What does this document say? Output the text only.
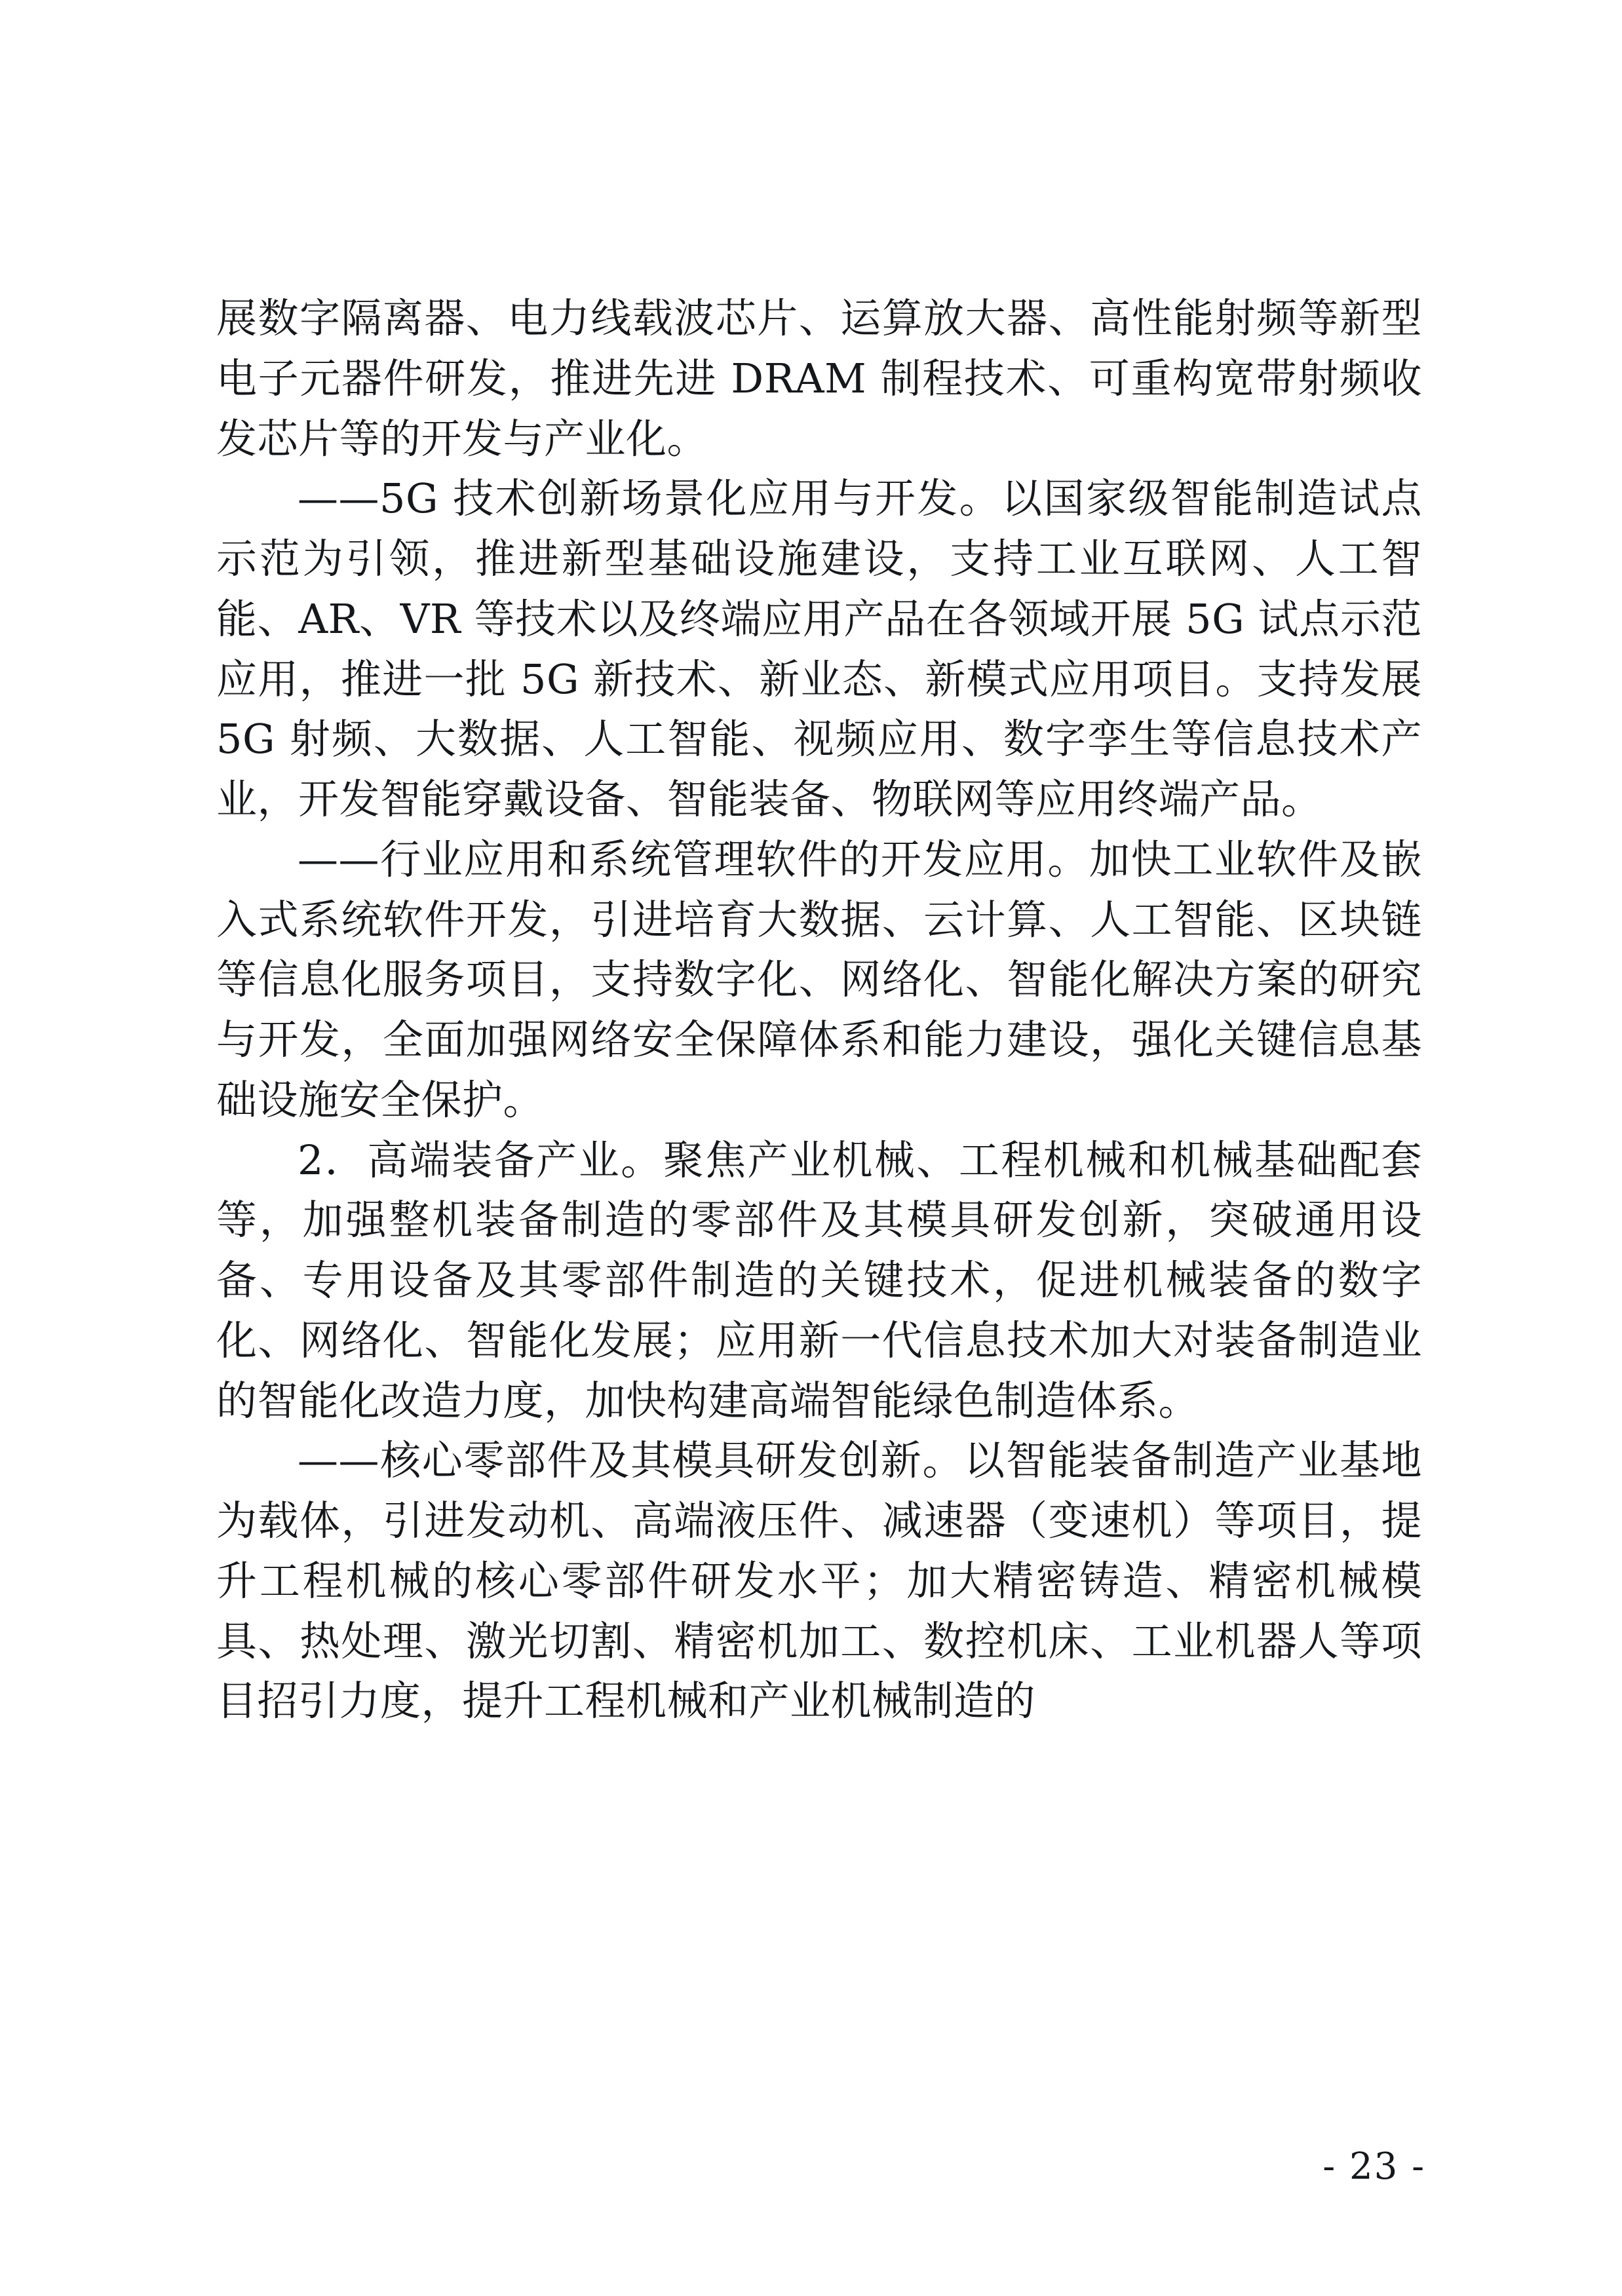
展数字隔离器、电力线载波芯片、运算放大器、高性能射频等新型电子元器件研发，推进先进 DRAM 制程技术、可重构宽带射频收发芯片等的开发与产业化。

——5G 技术创新场景化应用与开发。以国家级智能制造试点示范为引领，推进新型基础设施建设，支持工业互联网、人工智能、AR、VR 等技术以及终端应用产品在各领域开展 5G 试点示范应用，推进一批 5G 新技术、新业态、新模式应用项目。支持发展 5G 射频、大数据、人工智能、视频应用、数字孪生等信息技术产业，开发智能穿戴设备、智能装备、物联网等应用终端产品。

——行业应用和系统管理软件的开发应用。加快工业软件及嵌入式系统软件开发，引进培育大数据、云计算、人工智能、区块链等信息化服务项目，支持数字化、网络化、智能化解决方案的研究与开发，全面加强网络安全保障体系和能力建设，强化关键信息基础设施安全保护。

2．高端装备产业。聚焦产业机械、工程机械和机械基础配套等，加强整机装备制造的零部件及其模具研发创新，突破通用设备、专用设备及其零部件制造的关键技术，促进机械装备的数字化、网络化、智能化发展；应用新一代信息技术加大对装备制造业的智能化改造力度，加快构建高端智能绿色制造体系。

——核心零部件及其模具研发创新。以智能装备制造产业基地为载体，引进发动机、高端液压件、减速器（变速机）等项目，提升工程机械的核心零部件研发水平；加大精密铸造、精密机械模具、热处理、激光切割、精密机加工、数控机床、工业机器人等项目招引力度，提升工程机械和产业机械制造的

- 23 -
